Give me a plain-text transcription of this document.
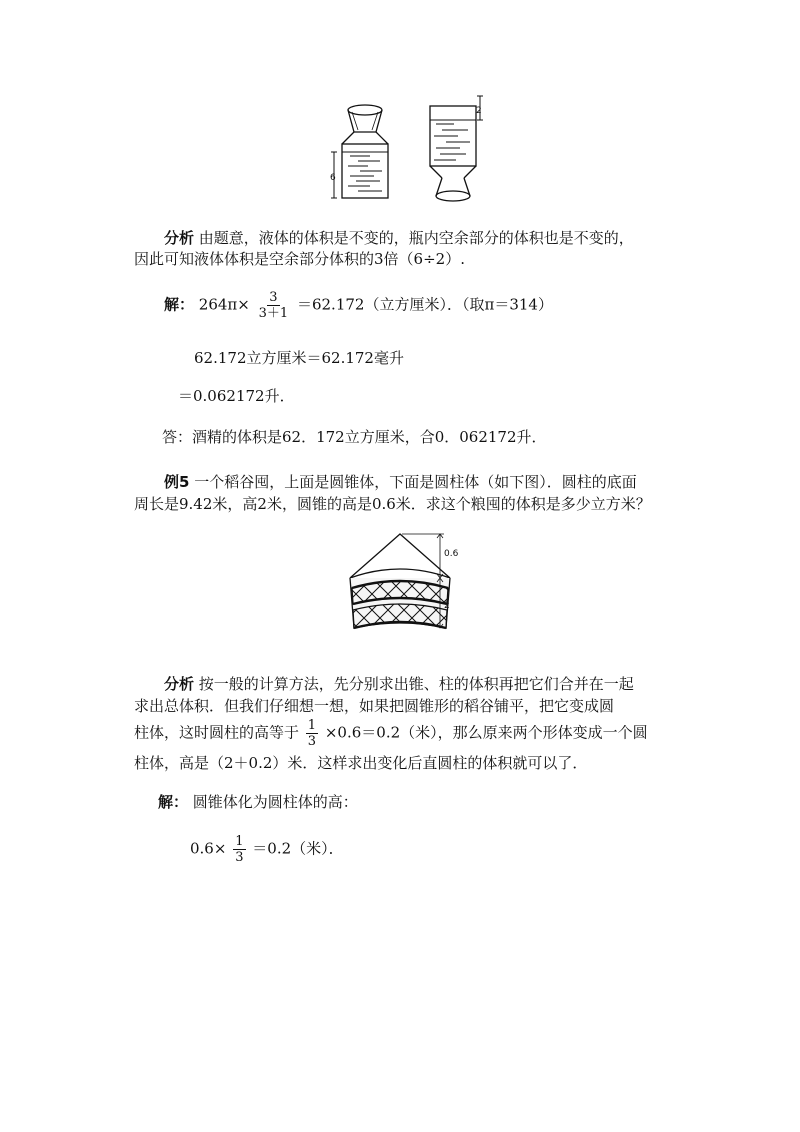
6
2
分析 由题意，液体的体积是不变的，瓶内空余部分的体积也是不变的，
因此可知液体体积是空余部分体积的3倍（6÷2）.
解： $264\pi\times \frac{3}{3+1} =62.172$（立方厘米）．（取π＝314）
62.172立方厘米＝62.172毫升
＝0.062172升．
答：酒精的体积是62．172立方厘米，合0．062172升．
例5 一个稻谷囤，上面是圆锥体，下面是圆柱体（如下图）．圆柱的底面
周长是9.42米，高2米，圆锥的高是0.6米．求这个粮囤的体积是多少立方米？
0.6
2
分析 按一般的计算方法，先分别求出锥、柱的体积再把它们合并在一起
求出总体积．但我们仔细想一想，如果把圆锥形的稻谷铺平，把它变成圆
柱体，这时圆柱的高等于 $\frac{1}{3} \times 0.6=0.2$（米），那么原来两个形体变成一个圆
柱体，高是（2＋0.2）米．这样求出变化后直圆柱的体积就可以了．
解： 圆锥体化为圆柱体的高：
$0.6\times \frac{1}{3} =0.2$（米）．
